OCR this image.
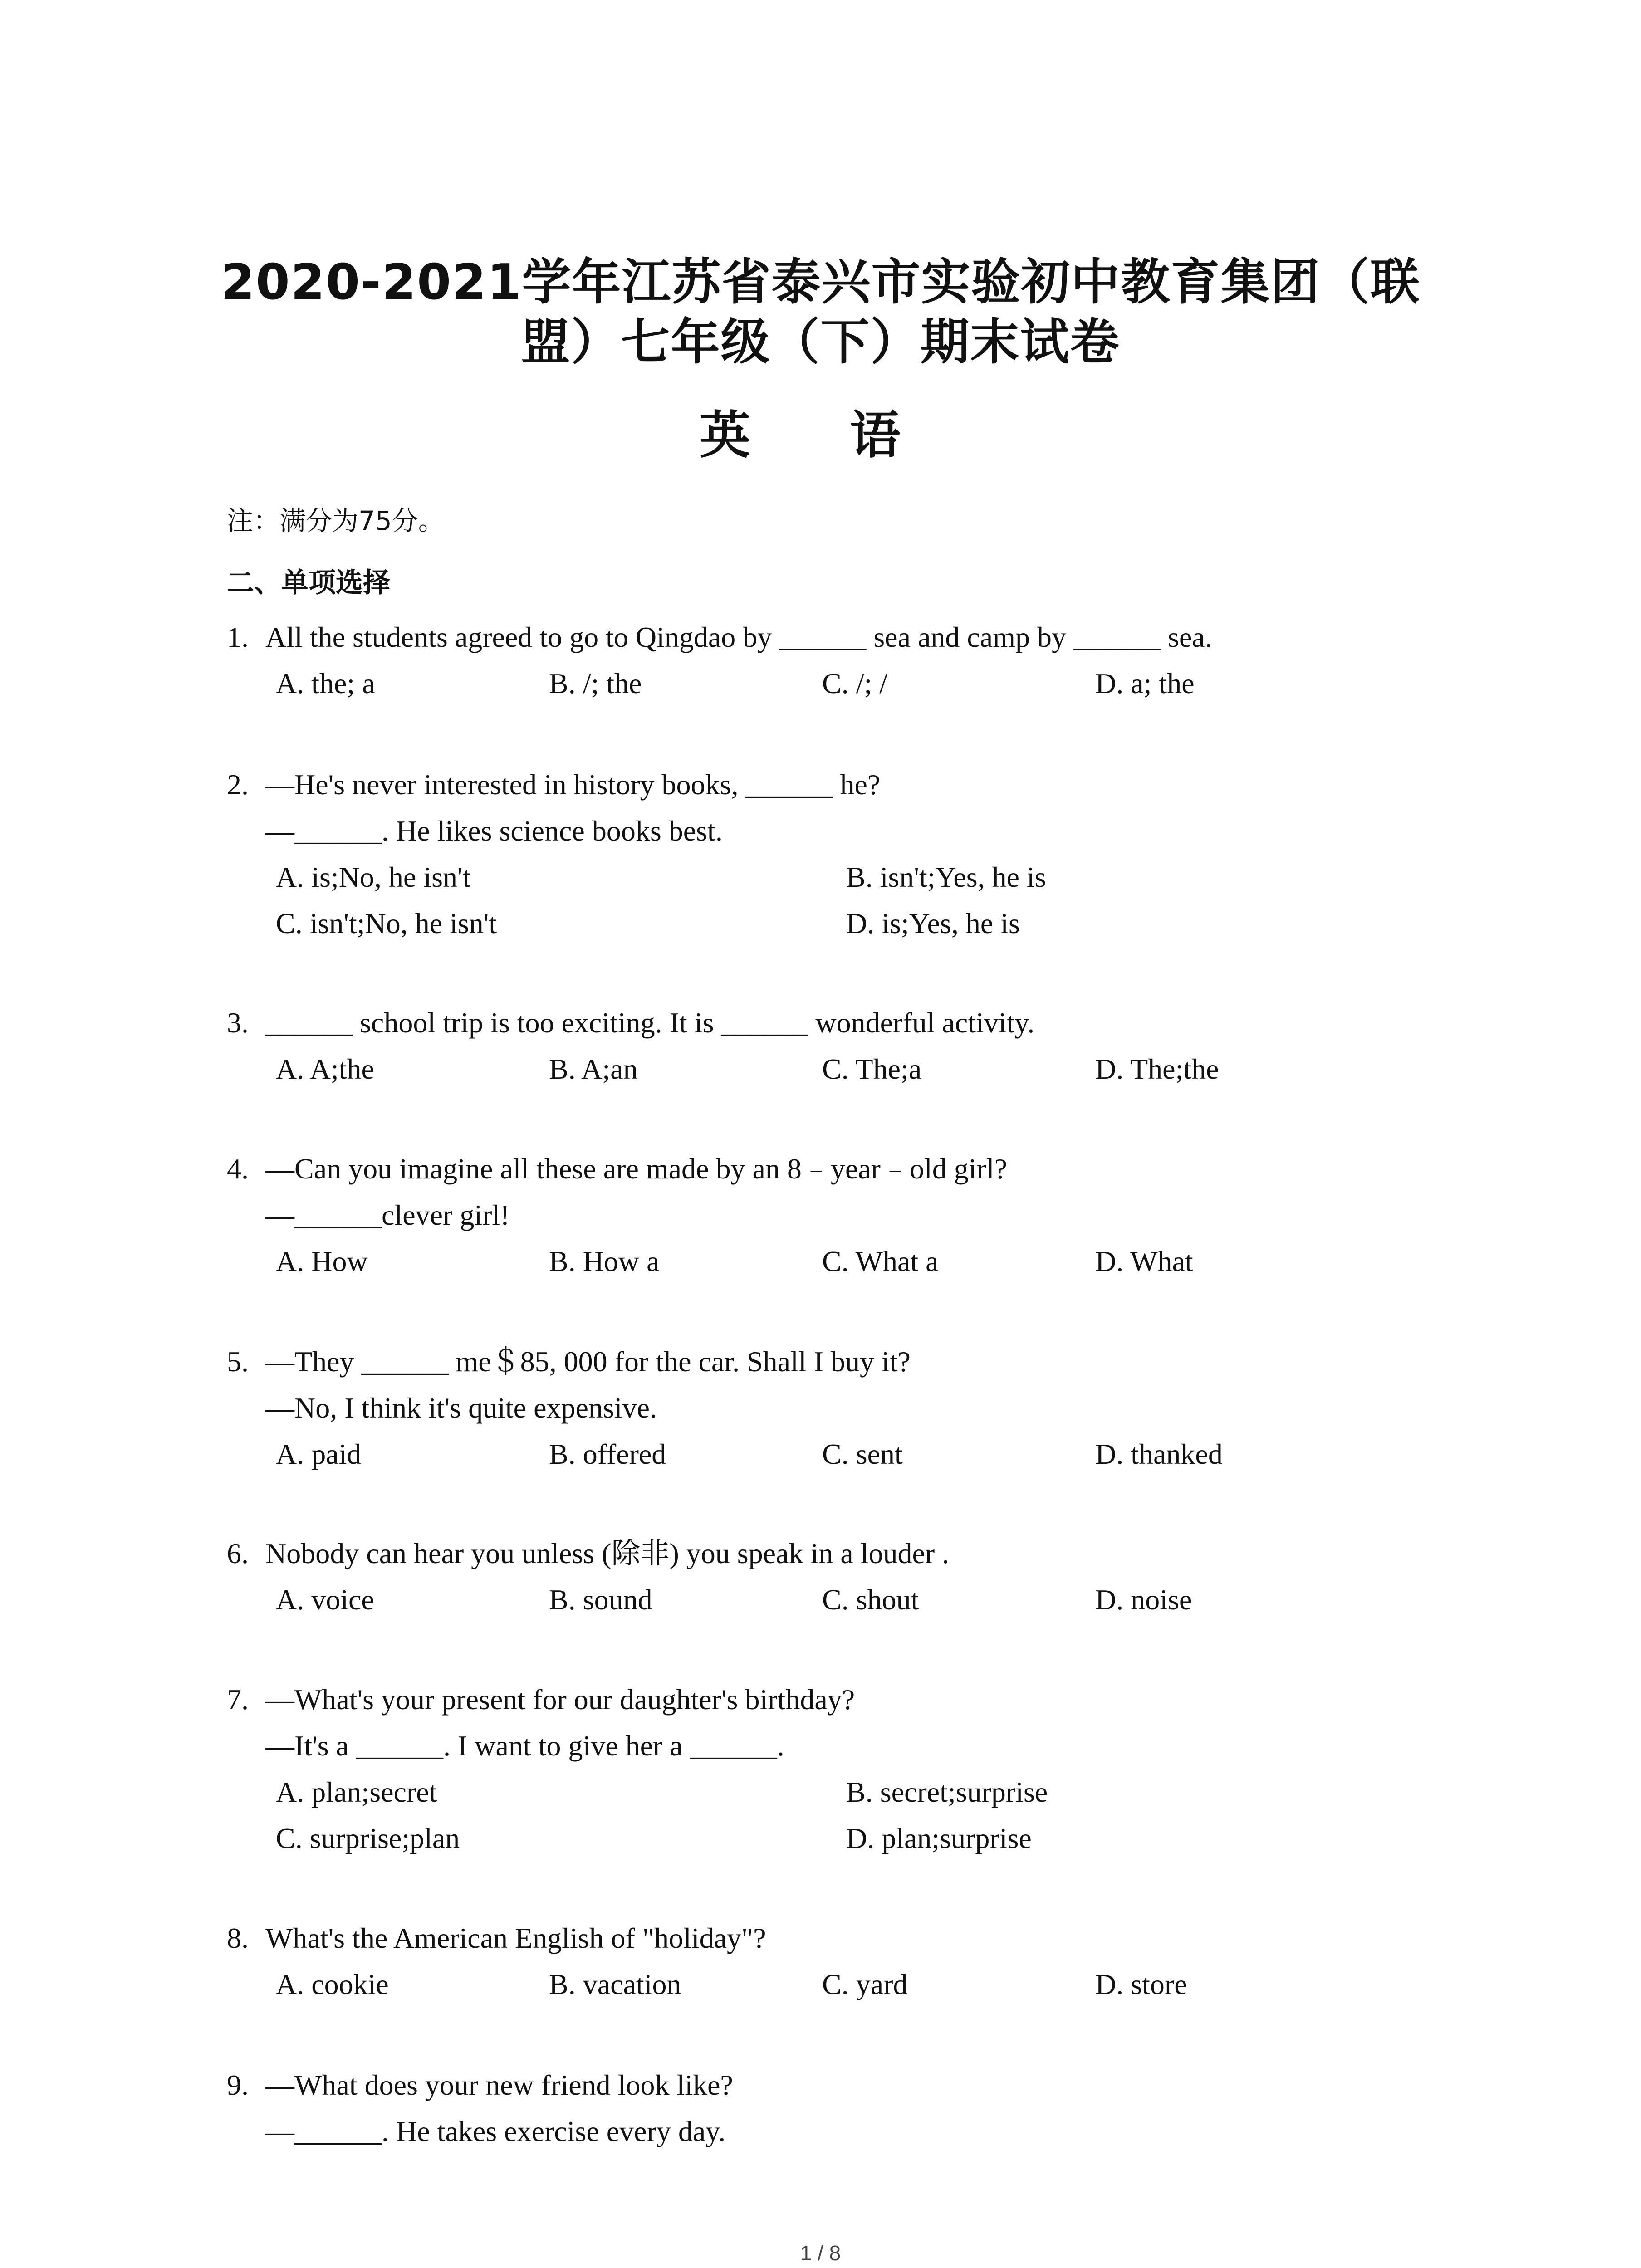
2020-2021学年江苏省泰兴市实验初中教育集团（联
盟）七年级（下）期末试卷
英 语
注：满分为75分。
二、单项选择
1. All the students agreed to go to Qingdao by ______ sea and camp by ______ sea.
A. the; a	B. /; the	C. /; /	D. a; the
2. —He's never interested in history books, ______ he?
—______. He likes science books best.
A. is;No, he isn't	B. isn't;Yes, he is
C. isn't;No, he isn't	D. is;Yes, he is
3. ______ school trip is too exciting. It is ______ wonderful activity.
A. A;the	B. A;an	C. The;a	D. The;the
4. —Can you imagine all these are made by an 8﹣year﹣old girl?
—______clever girl!
A. How	B. How a	C. What a	D. What
5. —They ______ me＄85, 000 for the car. Shall I buy it?
—No, I think it's quite expensive.
A. paid	B. offered	C. sent	D. thanked
6. Nobody can hear you unless (除非) you speak in a louder .
A. voice	B. sound	C. shout	D. noise
7. —What's your present for our daughter's birthday?
—It's a ______. I want to give her a ______.
A. plan;secret	B. secret;surprise
C. surprise;plan	D. plan;surprise
8. What's the American English of "holiday"?
A. cookie	B. vacation	C. yard	D. store
9. —What does your new friend look like?
—______. He takes exercise every day.
1 / 8
